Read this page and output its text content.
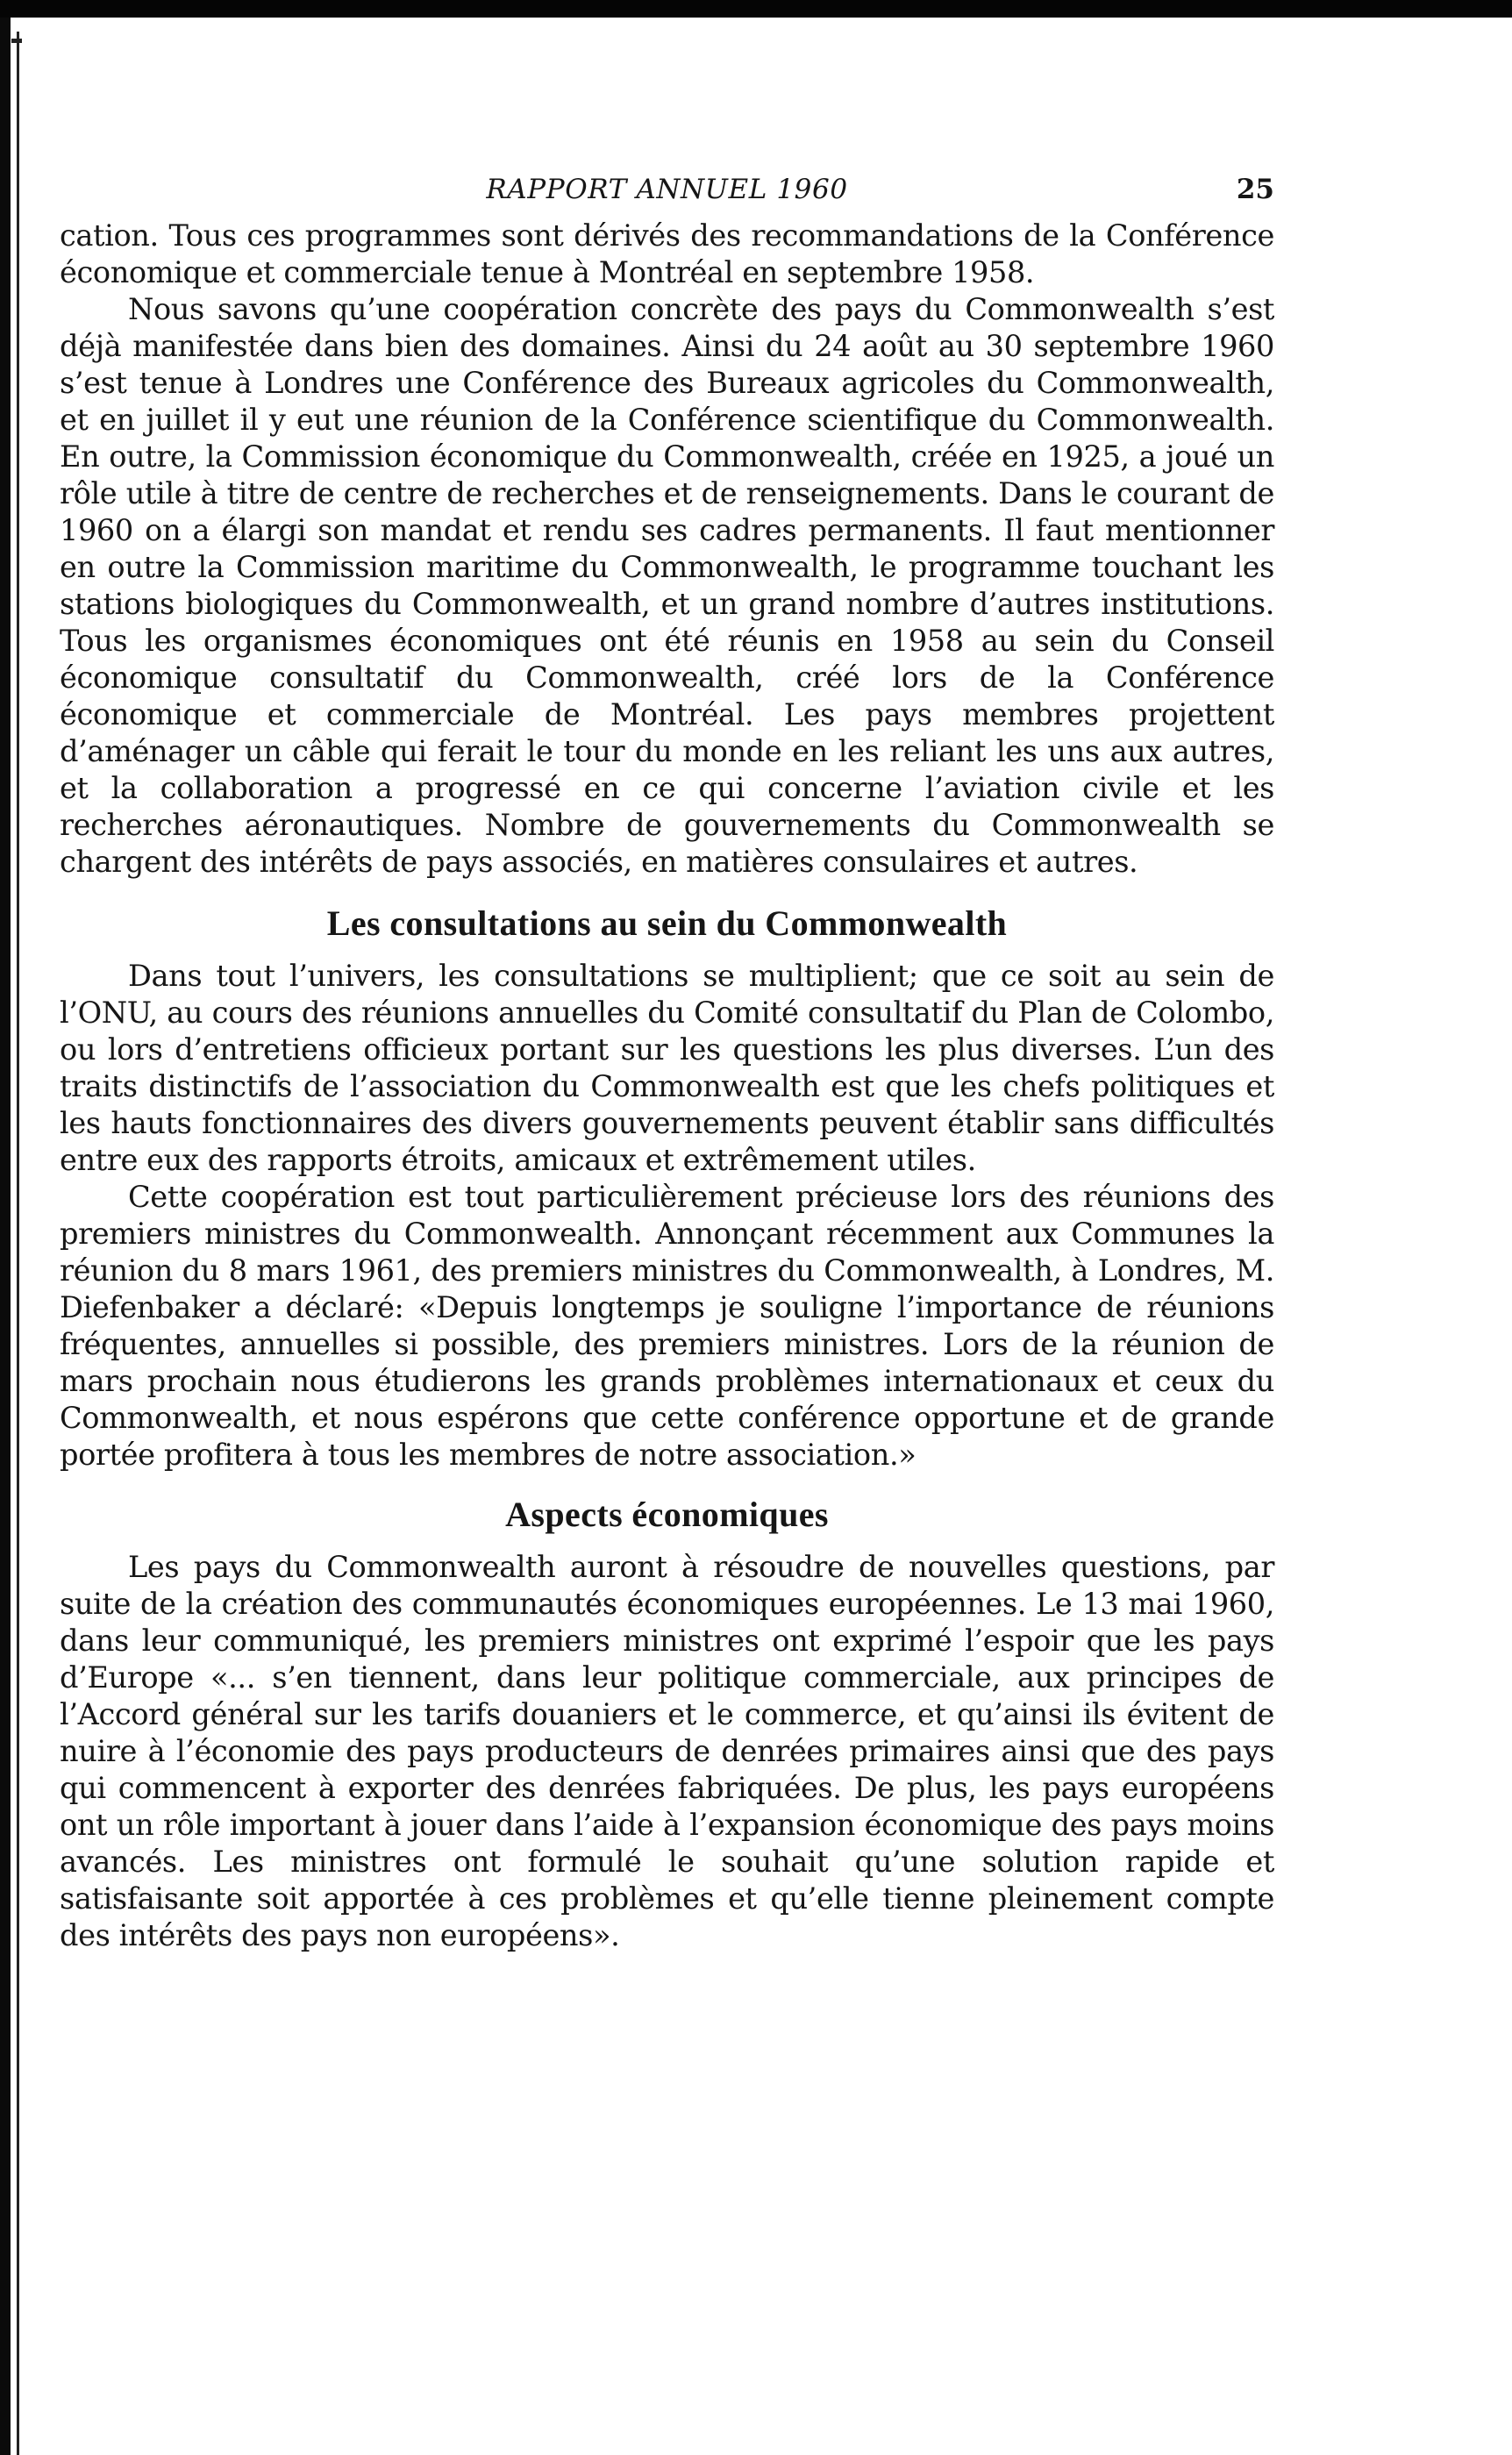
RAPPORT ANNUEL 1960	25

cation. Tous ces programmes sont dérivés des recommandations de la Conférence économique et commerciale tenue à Montréal en septembre 1958.

Nous savons qu’une coopération concrète des pays du Commonwealth s’est déjà manifestée dans bien des domaines. Ainsi du 24 août au 30 septembre 1960 s’est tenue à Londres une Conférence des Bureaux agricoles du Commonwealth, et en juillet il y eut une réunion de la Conférence scientifique du Commonwealth. En outre, la Commission économique du Commonwealth, créée en 1925, a joué un rôle utile à titre de centre de recherches et de renseignements. Dans le courant de 1960 on a élargi son mandat et rendu ses cadres permanents. Il faut mentionner en outre la Commission maritime du Commonwealth, le programme touchant les stations biologiques du Commonwealth, et un grand nombre d’autres institutions. Tous les organismes économiques ont été réunis en 1958 au sein du Conseil économique consultatif du Commonwealth, créé lors de la Conférence économique et commerciale de Montréal. Les pays membres projettent d’aménager un câble qui ferait le tour du monde en les reliant les uns aux autres, et la collaboration a progressé en ce qui concerne l’aviation civile et les recherches aéronautiques. Nombre de gouvernements du Commonwealth se chargent des intérêts de pays associés, en matières consulaires et autres.

Les consultations au sein du Commonwealth

Dans tout l’univers, les consultations se multiplient; que ce soit au sein de l’ONU, au cours des réunions annuelles du Comité consultatif du Plan de Colombo, ou lors d’entretiens officieux portant sur les questions les plus diverses. L’un des traits distinctifs de l’association du Commonwealth est que les chefs politiques et les hauts fonctionnaires des divers gouvernements peuvent établir sans difficultés entre eux des rapports étroits, amicaux et extrêmement utiles.

Cette coopération est tout particulièrement précieuse lors des réunions des premiers ministres du Commonwealth. Annonçant récemment aux Communes la réunion du 8 mars 1961, des premiers ministres du Commonwealth, à Londres, M. Diefenbaker a déclaré: «Depuis longtemps je souligne l’importance de réunions fréquentes, annuelles si possible, des premiers ministres. Lors de la réunion de mars prochain nous étudierons les grands problèmes internationaux et ceux du Commonwealth, et nous espérons que cette conférence opportune et de grande portée profitera à tous les membres de notre association.»

Aspects économiques

Les pays du Commonwealth auront à résoudre de nouvelles questions, par suite de la création des communautés économiques européennes. Le 13 mai 1960, dans leur communiqué, les premiers ministres ont exprimé l’espoir que les pays d’Europe «... s’en tiennent, dans leur politique commerciale, aux principes de l’Accord général sur les tarifs douaniers et le commerce, et qu’ainsi ils évitent de nuire à l’économie des pays producteurs de denrées primaires ainsi que des pays qui commencent à exporter des denrées fabriquées. De plus, les pays européens ont un rôle important à jouer dans l’aide à l’expansion économique des pays moins avancés. Les ministres ont formulé le souhait qu’une solution rapide et satisfaisante soit apportée à ces problèmes et qu’elle tienne pleinement compte des intérêts des pays non européens».
